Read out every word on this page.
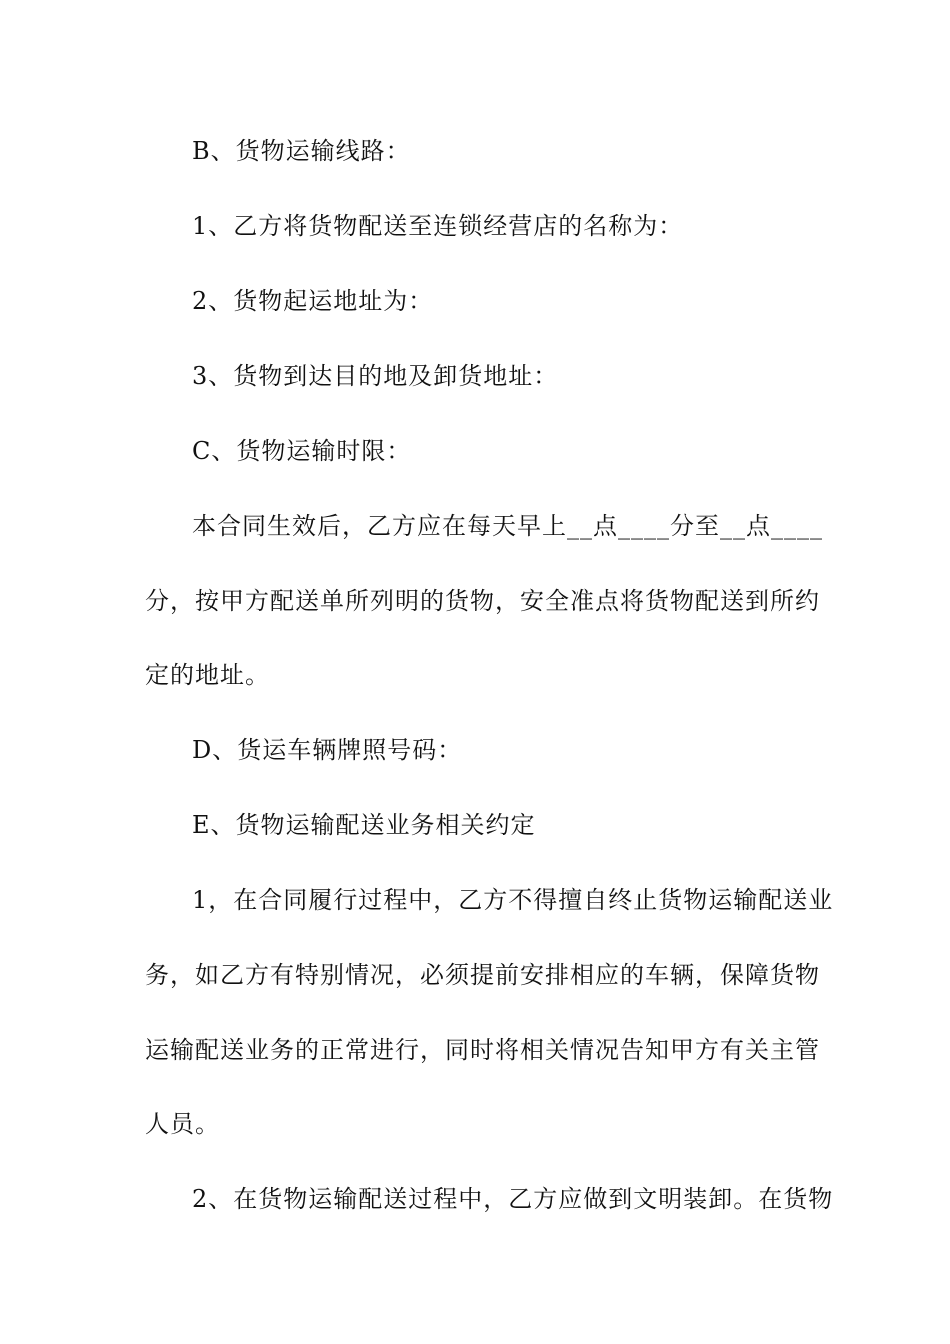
B、货物运输线路：
1、乙方将货物配送至连锁经营店的名称为：
2、货物起运地址为：
3、货物到达目的地及卸货地址：
C、货物运输时限：
本合同生效后，乙方应在每天早上__点____分至__点____
分，按甲方配送单所列明的货物，安全准点将货物配送到所约
定的地址。
D、货运车辆牌照号码：
E、货物运输配送业务相关约定
1，在合同履行过程中，乙方不得擅自终止货物运输配送业
务，如乙方有特别情况，必须提前安排相应的车辆，保障货物
运输配送业务的正常进行，同时将相关情况告知甲方有关主管
人员。
2、在货物运输配送过程中，乙方应做到文明装卸。在货物
